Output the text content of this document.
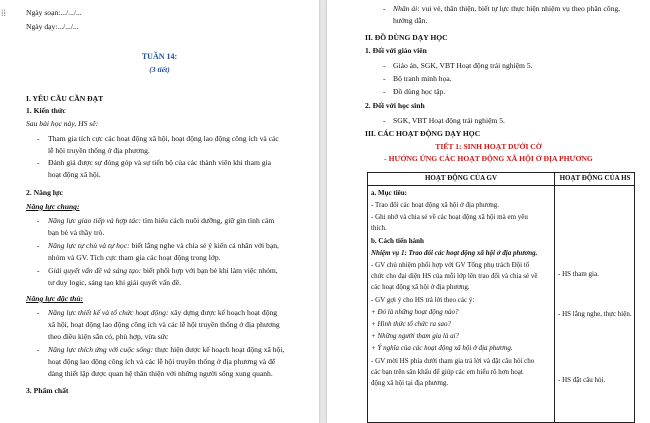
⁞⁞	Ngày soạn:.../.../...
Ngày dạy:.../.../...
TUẦN 14:
(3 tiết)
I. YÊU CẦU CẦN ĐẠT
1. Kiến thức
Sau bài học này, HS sẽ:
- Tham gia tích cực các hoạt động xã hội, hoạt động lao động công ích và các
lễ hội truyền thống ở địa phương.
- Đánh giá được sự đóng góp và sự tiến bộ của các thành viên khi tham gia
hoạt động xã hội.
2. Năng lực
Năng lực chung:
- Năng lực giao tiếp và hợp tác: tìm hiểu cách nuôi dưỡng, giữ gìn tình cảm
bạn bè và thầy trò.
- Năng lực tự chủ và tự học: biết lắng nghe và chia sẻ ý kiến cá nhân với bạn,
nhóm và GV. Tích cực tham gia các hoạt động trong lớp.
- Giải quyết vấn đề và sáng tạo: biết phối hợp với bạn bè khi làm việc nhóm,
tư duy logic, sáng tạo khi giải quyết vấn đề.
Năng lực đặc thù:
- Năng lực thiết kế và tổ chức hoạt động: xây dựng được kế hoạch hoạt động
xã hội, hoạt động lao động công ích và các lễ hội truyền thống ở địa phương
theo điều kiện sẵn có, phù hợp, vừa sức
- Năng lực thích ứng với cuộc sống: thực hiện được kế hoạch hoạt động xã hội,
hoạt động lao động công ích và các lễ hội truyền thống ở địa phương và để
dàng thiết lập được quan hệ thân thiện với những người sống xung quanh.
3. Phẩm chất
- Nhân ái: vui vẻ, thân thiện, biết tự lực thực hiện nhiệm vụ theo phân công,
hướng dẫn.
II. ĐỒ DÙNG DẠY HỌC
1. Đối với giáo viên
- Giáo án, SGK, VBT Hoạt động trải nghiệm 5.
- Bộ tranh minh họa.
- Đồ dùng học tập.
2. Đối với học sinh
- SGK, VBT Hoạt động trải nghiệm 5.
III. CÁC HOẠT ĐỘNG DẠY HỌC
TIẾT 1: SINH HOẠT DƯỚI CỜ
- HƯỞNG ỨNG CÁC HOẠT ĐỘNG XÃ HỘI Ở ĐỊA PHƯƠNG
HOẠT ĐỘNG CỦA GV	HOẠT ĐỘNG CỦA HS
a. Mục tiêu:
- Trao đổi các hoạt động xã hội ở địa phương.
- Ghi nhớ và chia sẻ về các hoạt động xã hội mà em yêu
thích.
b. Cách tiến hành
Nhiệm vụ 1: Trao đổi các hoạt động xã hội ở địa phương.
- GV chủ nhiệm phối hợp với GV Tổng phụ trách Đội tổ
chức cho đại diện HS của mỗi lớp lên trao đổi và chia sẻ về
các hoạt động xã hội ở địa phương.
- GV gợi ý cho HS trả lời theo các ý:
+ Đó là những hoạt động nào?
+ Hình thức tổ chức ra sao?
+ Những người tham gia là ai?
+ Ý nghĩa của các hoạt động xã hội ở địa phương.
- GV mời HS phía dưới tham gia trả lời và đặt câu hỏi cho
các bạn trên sân khấu để giúp các em hiểu rõ hơn hoạt
động xã hội tại địa phương.
- HS tham gia.
- HS lắng nghe, thực hiện.
- HS đặt câu hỏi.
